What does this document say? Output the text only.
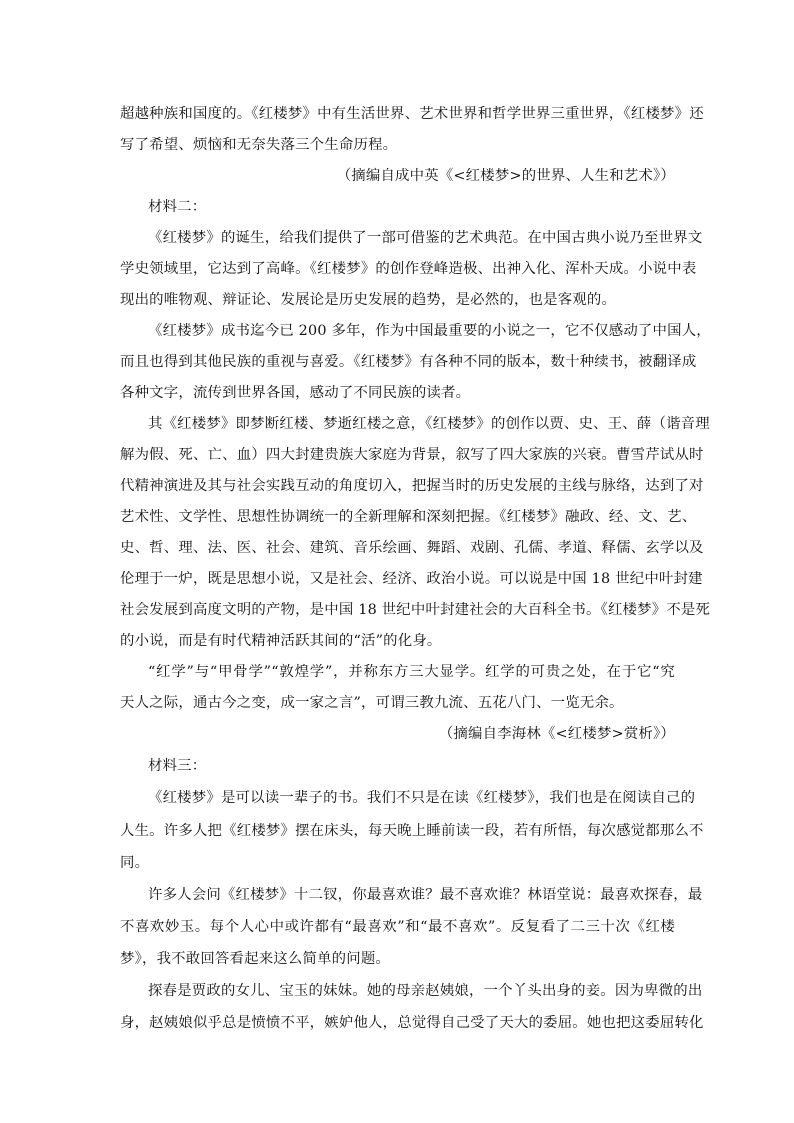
超越种族和国度的。《红楼梦》中有生活世界、艺术世界和哲学世界三重世界，《红楼梦》还
写了希望、烦恼和无奈失落三个生命历程。
（摘编自成中英《<红楼梦>的世界、人生和艺术》）
材料二：
《红楼梦》的诞生，给我们提供了一部可借鉴的艺术典范。在中国古典小说乃至世界文
学史领域里，它达到了高峰。《红楼梦》的创作登峰造极、出神入化、浑朴天成。小说中表
现出的唯物观、辩证论、发展论是历史发展的趋势，是必然的，也是客观的。
《红楼梦》成书迄今已 200 多年，作为中国最重要的小说之一，它不仅感动了中国人，
而且也得到其他民族的重视与喜爱。《红楼梦》有各种不同的版本，数十种续书，被翻译成
各种文字，流传到世界各国，感动了不同民族的读者。
其《红楼梦》即梦断红楼、梦逝红楼之意，《红楼梦》的创作以贾、史、王、薛（谐音理
解为假、死、亡、血）四大封建贵族大家庭为背景，叙写了四大家族的兴衰。曹雪芹试从时
代精神演进及其与社会实践互动的角度切入，把握当时的历史发展的主线与脉络，达到了对
艺术性、文学性、思想性协调统一的全新理解和深刻把握。《红楼梦》融政、经、文、艺、
史、哲、理、法、医、社会、建筑、音乐绘画、舞蹈、戏剧、孔儒、孝道、释儒、玄学以及
伦理于一炉，既是思想小说，又是社会、经济、政治小说。可以说是中国 18 世纪中叶封建
社会发展到高度文明的产物，是中国 18 世纪中叶封建社会的大百科全书。《红楼梦》不是死
的小说，而是有时代精神活跃其间的“活”的化身。
“红学”与“甲骨学”“敦煌学”，并称东方三大显学。红学的可贵之处，在于它“究
天人之际，通古今之变，成一家之言”，可谓三教九流、五花八门、一览无余。
（摘编自李海林《<红楼梦>赏析》）
材料三：
《红楼梦》是可以读一辈子的书。我们不只是在读《红楼梦》，我们也是在阅读自己的
人生。许多人把《红楼梦》摆在床头，每天晚上睡前读一段，若有所悟，每次感觉都那么不
同。
许多人会问《红楼梦》十二钗，你最喜欢谁？最不喜欢谁？林语堂说：最喜欢探春，最
不喜欢妙玉。每个人心中或许都有“最喜欢”和“最不喜欢”。反复看了二三十次《红楼
梦》，我不敢回答看起来这么简单的问题。
探春是贾政的女儿、宝玉的妹妹。她的母亲赵姨娘，一个丫头出身的妾。因为卑微的出
身，赵姨娘似乎总是愤愤不平，嫉妒他人，总觉得自己受了天大的委屈。她也把这委屈转化
